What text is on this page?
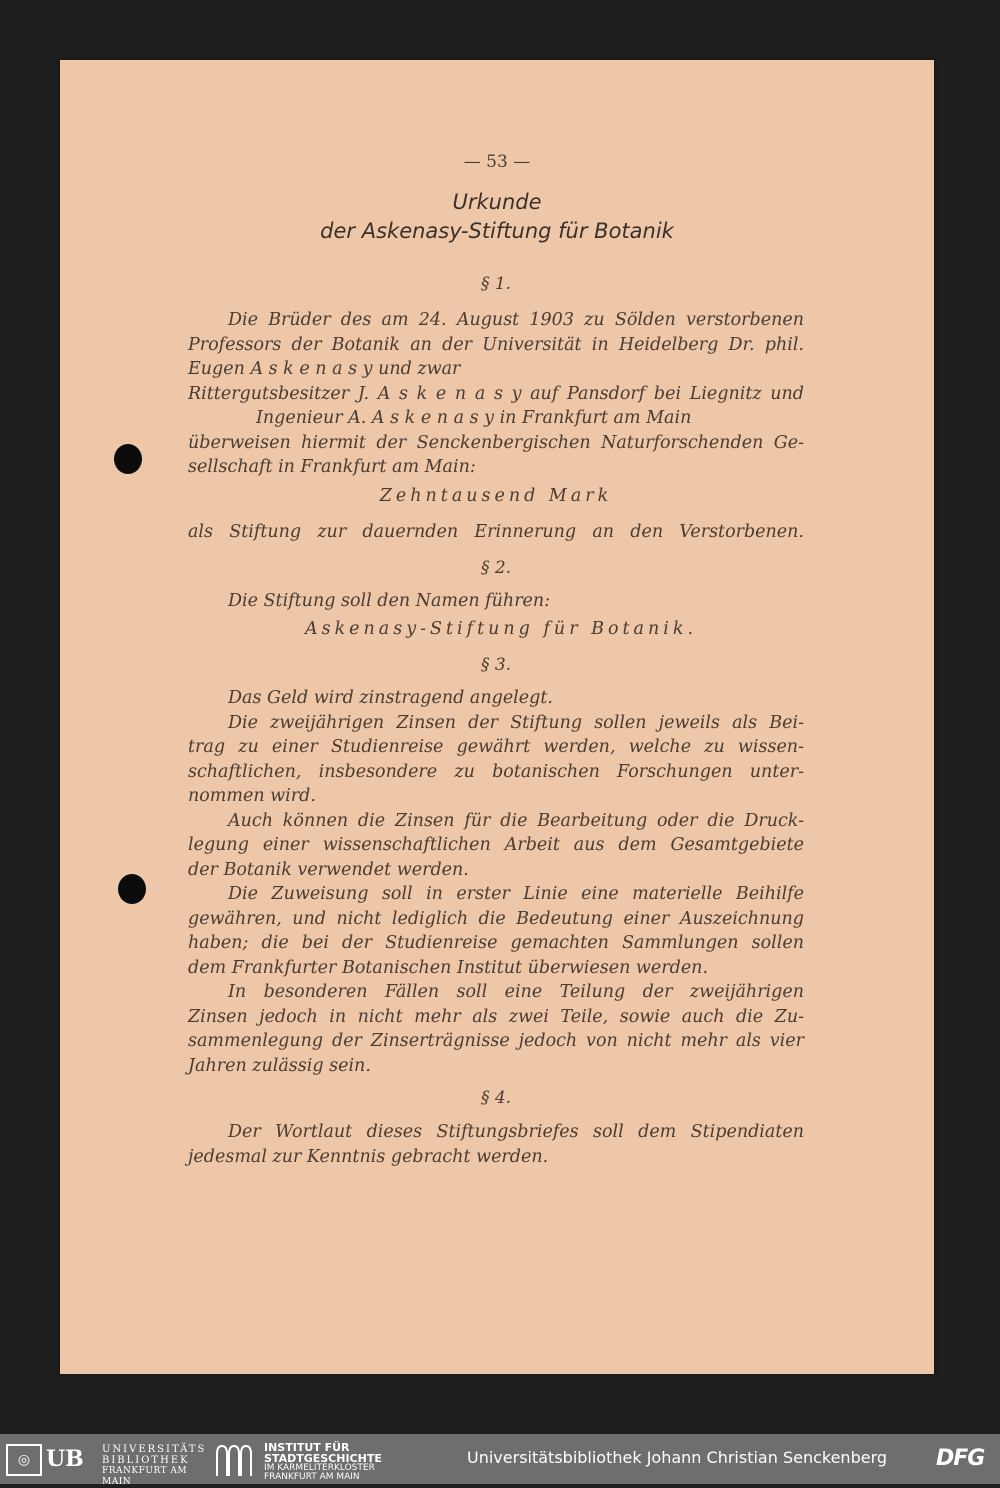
— 53 —
Urkunde
der Askenasy-Stiftung für Botanik
§ 1.
Die Brüder des am 24. August 1903 zu Sölden verstorbenen
Professors der Botanik an der Universität in Heidelberg Dr. phil.
Eugen A s k e n a s y und zwar
Rittergutsbesitzer J. A s k e n a s y auf Pansdorf bei Liegnitz und
Ingenieur A. A s k e n a s y in Frankfurt am Main
überweisen hiermit der Senckenbergischen Naturforschenden Ge-
sellschaft in Frankfurt am Main:
Zehntausend Mark
als Stiftung zur dauernden Erinnerung an den Verstorbenen.
§ 2.
Die Stiftung soll den Namen führen:
Askenasy-Stiftung für Botanik.
§ 3.
Das Geld wird zinstragend angelegt.
Die zweijährigen Zinsen der Stiftung sollen jeweils als Bei-
trag zu einer Studienreise gewährt werden, welche zu wissen-
schaftlichen, insbesondere zu botanischen Forschungen unter-
nommen wird.
Auch können die Zinsen für die Bearbeitung oder die Druck-
legung einer wissenschaftlichen Arbeit aus dem Gesamtgebiete
der Botanik verwendet werden.
Die Zuweisung soll in erster Linie eine materielle Beihilfe
gewähren, und nicht lediglich die Bedeutung einer Auszeichnung
haben; die bei der Studienreise gemachten Sammlungen sollen
dem Frankfurter Botanischen Institut überwiesen werden.
In besonderen Fällen soll eine Teilung der zweijährigen
Zinsen jedoch in nicht mehr als zwei Teile, sowie auch die Zu-
sammenlegung der Zinserträgnisse jedoch von nicht mehr als vier
Jahren zulässig sein.
§ 4.
Der Wortlaut dieses Stiftungsbriefes soll dem Stipendiaten
jedesmal zur Kenntnis gebracht werden.
◎ UB UNIVERSITÄTS
BIBLIOTHEK
FRANKFURT AM MAIN
INSTITUT FÜR
STADTGESCHICHTE
IM KARMELITERKLOSTER
FRANKFURT AM MAIN
Universitätsbibliothek Johann Christian Senckenberg DFG
